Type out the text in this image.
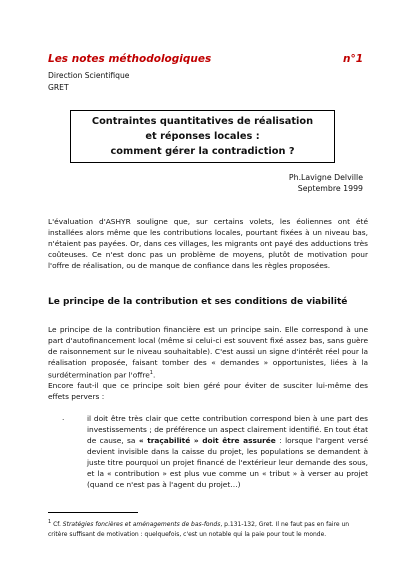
Les notes méthodologiques	n°1
Direction Scientifique
GRET
Contraintes quantitatives de réalisation
et réponses locales :
comment gérer la contradiction ?
Ph.Lavigne Delville
Septembre 1999
L'évaluation d'ASHYR souligne que, sur certains volets, les éoliennes ont été installées alors même que les contributions locales, pourtant fixées à un niveau bas, n'étaient pas payées. Or, dans ces villages, les migrants ont payé des adductions très coûteuses. Ce n'est donc pas un problème de moyens, plutôt de motivation pour l'offre de réalisation, ou de manque de confiance dans les règles proposées.
Le principe de la contribution et ses conditions de viabilité
Le principe de la contribution financière est un principe sain. Elle correspond à une part d'autofinancement local (même si celui-ci est souvent fixé assez bas, sans guère de raisonnement sur le niveau souhaitable). C'est aussi un signe d'intérêt réel pour la réalisation proposée, faisant tomber des « demandes » opportunistes, liées à la surdétermination par l'offre$^1$.
Encore faut-il que ce principe soit bien géré pour éviter de susciter lui-même des effets pervers :
·	il doit être très clair que cette contribution correspond bien à une part des investissements ; de préférence un aspect clairement identifié. En tout état de cause, sa « traçabilité » doit être assurée : lorsque l'argent versé devient invisible dans la caisse du projet, les populations se demandent à juste titre pourquoi un projet financé de l'extérieur leur demande des sous, et la « contribution » est plus vue comme un « tribut » à verser au projet (quand ce n'est pas à l'agent du projet…)
$^1$ Cf. Stratégies foncières et aménagements de bas-fonds, p.131-132, Gret. Il ne faut pas en faire un critère suffisant de motivation : quelquefois, c'est un notable qui la paie pour tout le monde.
